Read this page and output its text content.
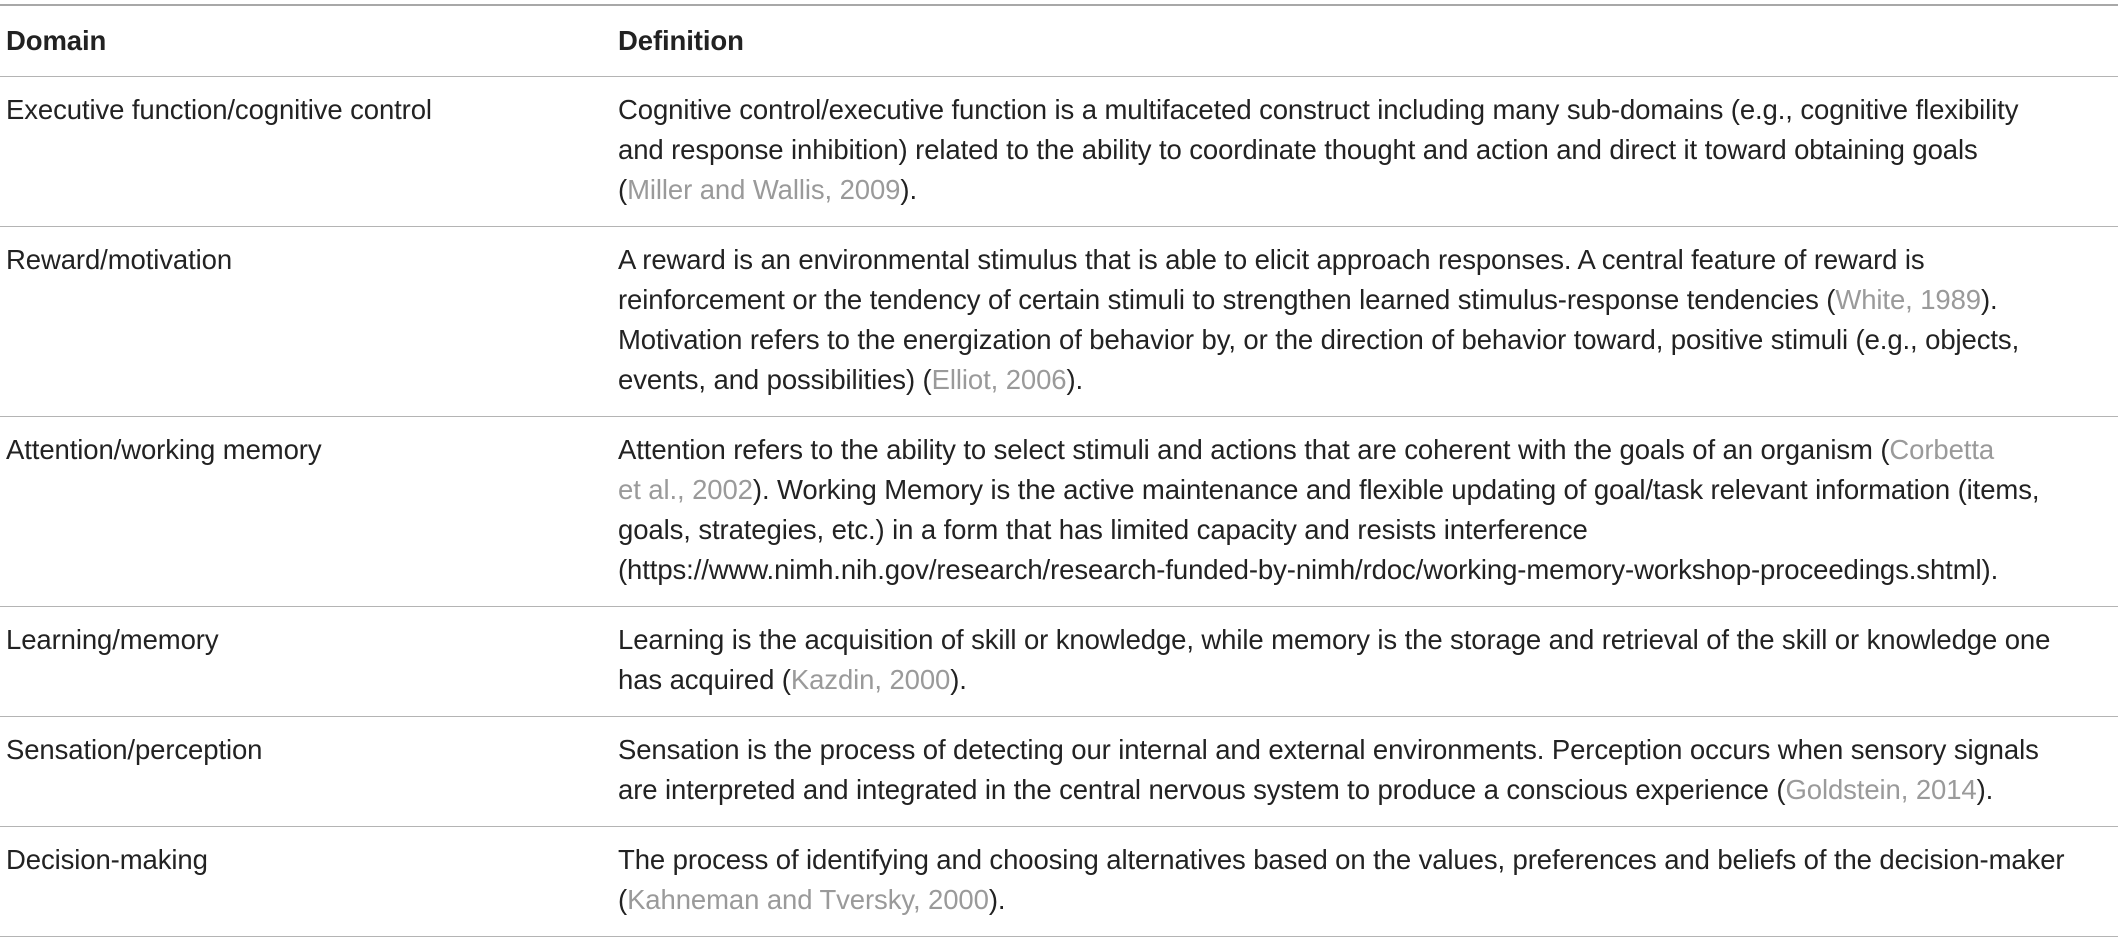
Domain	Definition
Executive function/cognitive control	Cognitive control/executive function is a multifaceted construct including many sub-domains (e.g., cognitive flexibility
and response inhibition) related to the ability to coordinate thought and action and direct it toward obtaining goals
(Miller and Wallis, 2009).
Reward/motivation	A reward is an environmental stimulus that is able to elicit approach responses. A central feature of reward is
reinforcement or the tendency of certain stimuli to strengthen learned stimulus-response tendencies (White, 1989).
Motivation refers to the energization of behavior by, or the direction of behavior toward, positive stimuli (e.g., objects,
events, and possibilities) (Elliot, 2006).
Attention/working memory	Attention refers to the ability to select stimuli and actions that are coherent with the goals of an organism (Corbetta
et al., 2002). Working Memory is the active maintenance and flexible updating of goal/task relevant information (items,
goals, strategies, etc.) in a form that has limited capacity and resists interference
(https://www.nimh.nih.gov/research/research-funded-by-nimh/rdoc/working-memory-workshop-proceedings.shtml).
Learning/memory	Learning is the acquisition of skill or knowledge, while memory is the storage and retrieval of the skill or knowledge one
has acquired (Kazdin, 2000).
Sensation/perception	Sensation is the process of detecting our internal and external environments. Perception occurs when sensory signals
are interpreted and integrated in the central nervous system to produce a conscious experience (Goldstein, 2014).
Decision-making	The process of identifying and choosing alternatives based on the values, preferences and beliefs of the decision-maker
(Kahneman and Tversky, 2000).
